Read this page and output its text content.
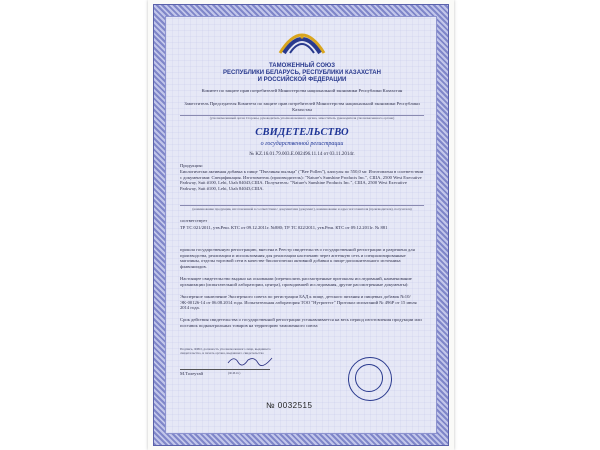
ТАМОЖЕННЫЙ СОЮЗ
РЕСПУБЛИКИ БЕЛАРУСЬ, РЕСПУБЛИКИ КАЗАХСТАН
И РОССИЙСКОЙ ФЕДЕРАЦИИ
Комитет по защите прав потребителей Министерства национальной экономики Республики Казахстан
Заместитель Председателя Комитета по защите прав потребителей Министерства национальной экономики Республики Казахстан
(уполномоченный орган Стороны, руководитель уполномоченного органа, заместитель руководителя уполномоченного органа)
СВИДЕТЕЛЬСТВО
о государственной регистрации
№ KZ.16.01.79.003.E.002496.11.14 от 03.11.2014г.
Продукция:
Биологически активная добавка к пище "Пчелиная пыльца" ("Bee Pollen"), капсулы по 550,0 мг. Изготовлена в соответствии с документами: Спецификация. Изготовитель (производитель): "Nature's Sunshine Products Inc.", США, 2500 West Executive Parkway, Suit #100, Lehi, Utah 84043,США. Получатель: "Nature's Sunshine Products Inc.", США, 2500 West Executive Parkway, Suit #100, Lehi, Utah 84043,США.
(наименование продукции, изготовленной в соответствии с документами (документ), наименование и адрес изготовителя (производителя), получателя)
соответствует
ТР ТС 021/2011, утв.Реш. КТС от 09.12.2011г. №880; ТР ТС 022/2011, утв.Реш. КТС от 09.12.2011г. № 881
прошла государственную регистрацию, внесена в Реестр свидетельств о государственной регистрации и разрешена для производства, реализации и использования для реализации населению через аптечную сеть и специализированные магазины, отделы торговой сети в качестве биологически активной добавки к пище-дополнительного источника флавоноидов.
Настоящее свидетельство выдано на основании (перечислить рассмотренные протоколы исследований, наименование организации (испытательной лаборатории, центра), проводившей исследования, другие рассмотренные документы):
Экспертное заключение Экспертного совета по регистрации БАД к пище, детского питания и пищевых добавок №10/ЭК-00126-14 от 06.08.2014 года. Испытательная лаборатория ТОО "Нутритест" Протокол испытаний № 496Р от 15 июля 2014 года.
Срок действия свидетельства о государственной регистрации устанавливается на весь период изготовления продукции или поставок подконтрольных товаров на территорию таможенного союза
Подпись, ФИО, должность уполномоченного лица, выдавшего свидетельство, и печать органа, выдавшего свидетельство
М.Толеутай	(Ф.И.О.)
№ 0032515
